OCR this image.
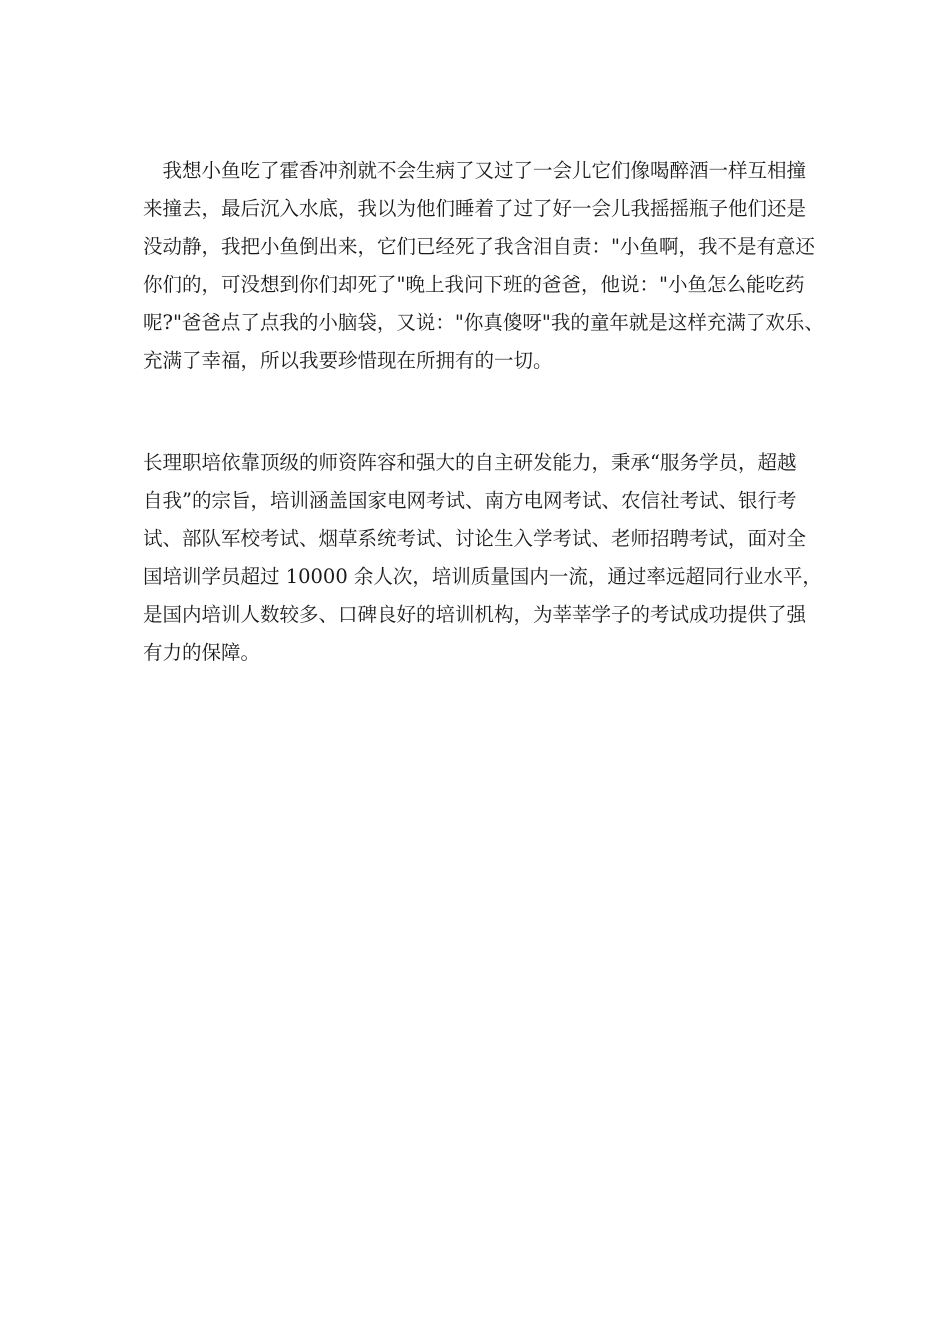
　我想小鱼吃了霍香冲剂就不会生病了又过了一会儿它们像喝醉酒一样互相撞
来撞去，最后沉入水底，我以为他们睡着了过了好一会儿我摇摇瓶子他们还是
没动静，我把小鱼倒出来，它们已经死了我含泪自责："小鱼啊，我不是有意还
你们的，可没想到你们却死了"晚上我问下班的爸爸，他说："小鱼怎么能吃药
呢?"爸爸点了点我的小脑袋，又说："你真傻呀"我的童年就是这样充满了欢乐、
充满了幸福，所以我要珍惜现在所拥有的一切。
长理职培依靠顶级的师资阵容和强大的自主研发能力，秉承“服务学员，超越
自我”的宗旨，培训涵盖国家电网考试、南方电网考试、农信社考试、银行考
试、部队军校考试、烟草系统考试、讨论生入学考试、老师招聘考试，面对全
国培训学员超过 10000 余人次，培训质量国内一流，通过率远超同行业水平，
是国内培训人数较多、口碑良好的培训机构，为莘莘学子的考试成功提供了强
有力的保障。
